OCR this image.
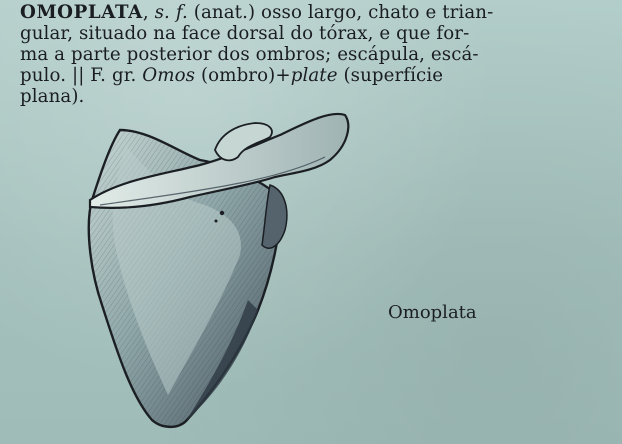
OMOPLATA, s. f. (anat.) osso largo, chato e trian-
gular, situado na face dorsal do tórax, e que for-
ma a parte posterior dos ombros; escápula, escá-
pulo. || F. gr. Omos (ombro)+plate (superfície
plana).
Omoplata
